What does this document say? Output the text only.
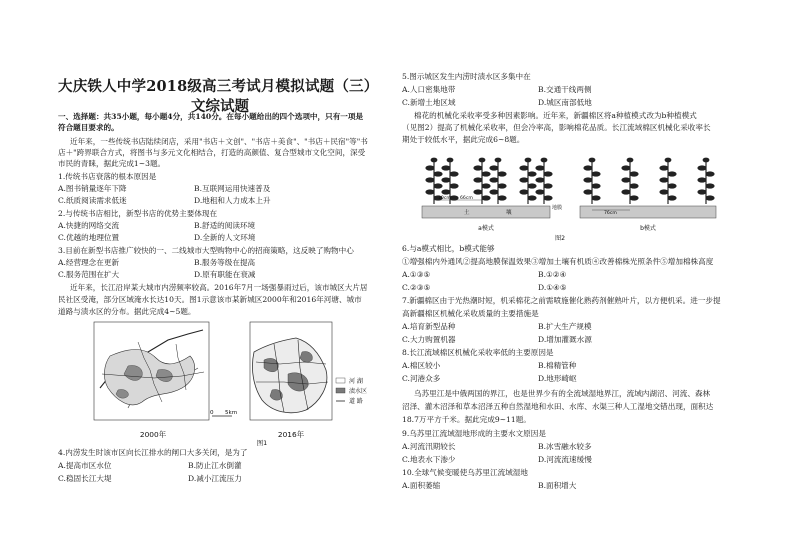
大庆铁人中学2018级高三考试月模拟试题（三）
文综试题
一、选择题：共35小题，每小题4分，共140分。在每小题给出的四个选项中，只有一项是
符合题目要求的。
近年来，一些传统书店陆续闭店，采用"书店＋文创"、"书店＋美食"、"书店＋民宿"等"书
店＋"跨界联合方式，将图书与多元文化相结合，打造的高颜值、复合型城市文化空间，深受
市民的青睐，据此完成1~3题。
1.传统书店衰落的根本原因是
A.图书销量逐年下降	B.互联网运用快速普及
C.纸质阅读需求低迷	D.地租和人力成本上升
2.与传统书店相比，新型书店的优势主要体现在
A.快捷的网络交流	B.舒适的阅读环境
C.优越的地理位置	D.全新的人文环境
3.目前在新型书店推广较快的一、二线城市大型购物中心的招商策略，这反映了购物中心
A.经营理念在更新	B.服务等级在提高
C.服务范围在扩大	D.原有职能在衰减
近年来，长江沿岸某大城市内涝频率较高。2016年7月一场强暴雨过后，该市城区大片居
民社区受淹，部分区域淹水长达10天。图1示意该市某新城区2000年和2016年河塘、城市
道路与渍水区的分布。据此完成4~5题。
2000年	2016年
河 湖
渍水区
道 路
0 5km
图1
4.内涝发生时该市区向长江排水的闸口大多关闭，是为了
A.提高市区水位	B.防止江水倒灌
C.稳固长江大堤	D.减小江流压力
5.图示城区发生内涝时渍水区多集中在
A.人口密集地带	B.交通干线两侧
C.新增土地区域	D.城区南部低地
棉花的机械化采收率受多种因素影响。近年来，新疆棉区将a种植模式改为b种植模式
（见图2）提高了机械化采收率，但会冷率高，影响棉花品质。长江流域棉区机械化采收率长
期处于较低水平，据此完成6~8题。
10cm 66cm
土	壤
地膜
a模式
76cm
b模式
图2
6.与a模式相比，b模式能够
①增强棉内外通风②提高地膜保温效果③增加土壤有机质④改善棉株光照条件⑤增加棉株高度
A.①③⑤	B.①②④
C.②③⑤	D.①④⑤
7.新疆棉区由于光热潮时短，机采棉花之前需喷施催化熟药剂催熟叶片，以方便机采。进一步提
高新疆棉区机械化采收质量的主要措施是
A.培育新型品种	B.扩大生产规模
C.大力购置机器	D.增加灌溉水源
8.长江流域棉区机械化采收率低的主要原因是
A.棉区较小	B.棉精管种
C.河港众多	D.地形崎岖
乌苏里江是中俄两国的界江，也是世界少有的全流域湿地界江，流域内湖沼、河流、森林
沼泽、灌木沼泽和草本沼泽五种自然湿地和水田、水库、水渠三种人工湿地交错出现，面积达
18.7万平方千米。据此完成9~11题。
9.乌苏里江流域湿地形成的主要水文原因是
A.河流汛期较长	B.冰雪融水较多
C.地表水下渗少	D.河流流速缓慢
10.全球气候变暖使乌苏里江流域湿地
A.面积萎缩	B.面积增大
